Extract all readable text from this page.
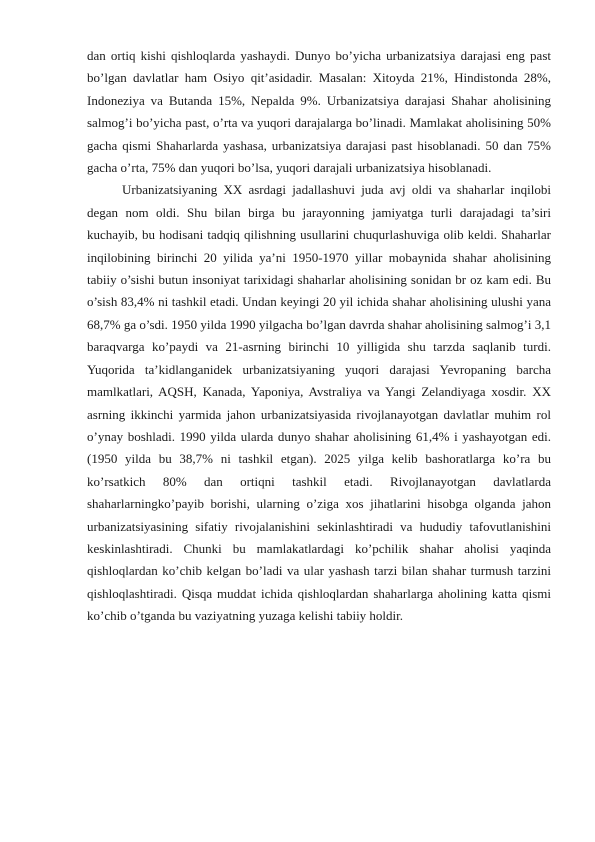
dan ortiq kishi qishloqlarda yashaydi. Dunyo bo’yicha urbanizatsiya darajasi eng past bo’lgan davlatlar ham Osiyo qit’asidadir. Masalan: Xitoyda 21%, Hindistonda 28%, Indoneziya va Butanda 15%, Nepalda 9%. Urbanizatsiya darajasi Shahar aholisining salmog’i bo’yicha past, o’rta va yuqori darajalarga bo’linadi. Mamlakat aholisining 50% gacha qismi Shaharlarda yashasa, urbanizatsiya darajasi past hisoblanadi. 50 dan 75% gacha o’rta, 75% dan yuqori bo’lsa, yuqori darajali urbanizatsiya hisoblanadi.

Urbanizatsiyaning XX asrdagi jadallashuvi juda avj oldi va shaharlar inqilobi degan nom oldi. Shu bilan birga bu jarayonning jamiyatga turli darajadagi ta’siri kuchayib, bu hodisani tadqiq qilishning usullarini chuqurlashuviga olib keldi. Shaharlar inqilobining birinchi 20 yilida ya’ni 1950-1970 yillar mobaynida shahar aholisining tabiiy o’sishi butun insoniyat tarixidagi shaharlar aholisining sonidan br oz kam edi. Bu o’sish 83,4% ni tashkil etadi. Undan keyingi 20 yil ichida shahar aholisining ulushi yana 68,7% ga o’sdi. 1950 yilda 1990 yilgacha bo’lgan davrda shahar aholisining salmog’i 3,1 baraqvarga ko’paydi va 21-asrning birinchi 10 yilligida shu tarzda saqlanib turdi. Yuqorida ta’kidlanganidek urbanizatsiyaning yuqori darajasi Yevropaning barcha mamlkatlari, AQSH, Kanada, Yaponiya, Avstraliya va Yangi Zelandiyaga xosdir. XX asrning ikkinchi yarmida jahon urbanizatsiyasida rivojlanayotgan davlatlar muhim rol o’ynay boshladi. 1990 yilda ularda dunyo shahar aholisining 61,4% i yashayotgan edi. (1950 yilda bu 38,7% ni tashkil etgan). 2025 yilga kelib bashoratlarga ko’ra bu ko’rsatkich 80% dan ortiqni tashkil etadi. Rivojlanayotgan davlatlarda shaharlarningko’payib borishi, ularning o’ziga xos jihatlarini hisobga olganda jahon urbanizatsiyasining sifatiy rivojalanishini sekinlashtiradi va hududiy tafovutlanishini keskinlashtiradi. Chunki bu mamlakatlardagi ko’pchilik shahar aholisi yaqinda qishloqlardan ko’chib kelgan bo’ladi va ular yashash tarzi bilan shahar turmush tarzini qishloqlashtiradi. Qisqa muddat ichida qishloqlardan shaharlarga aholining katta qismi ko’chib o’tganda bu vaziyatning yuzaga kelishi tabiiy holdir.
